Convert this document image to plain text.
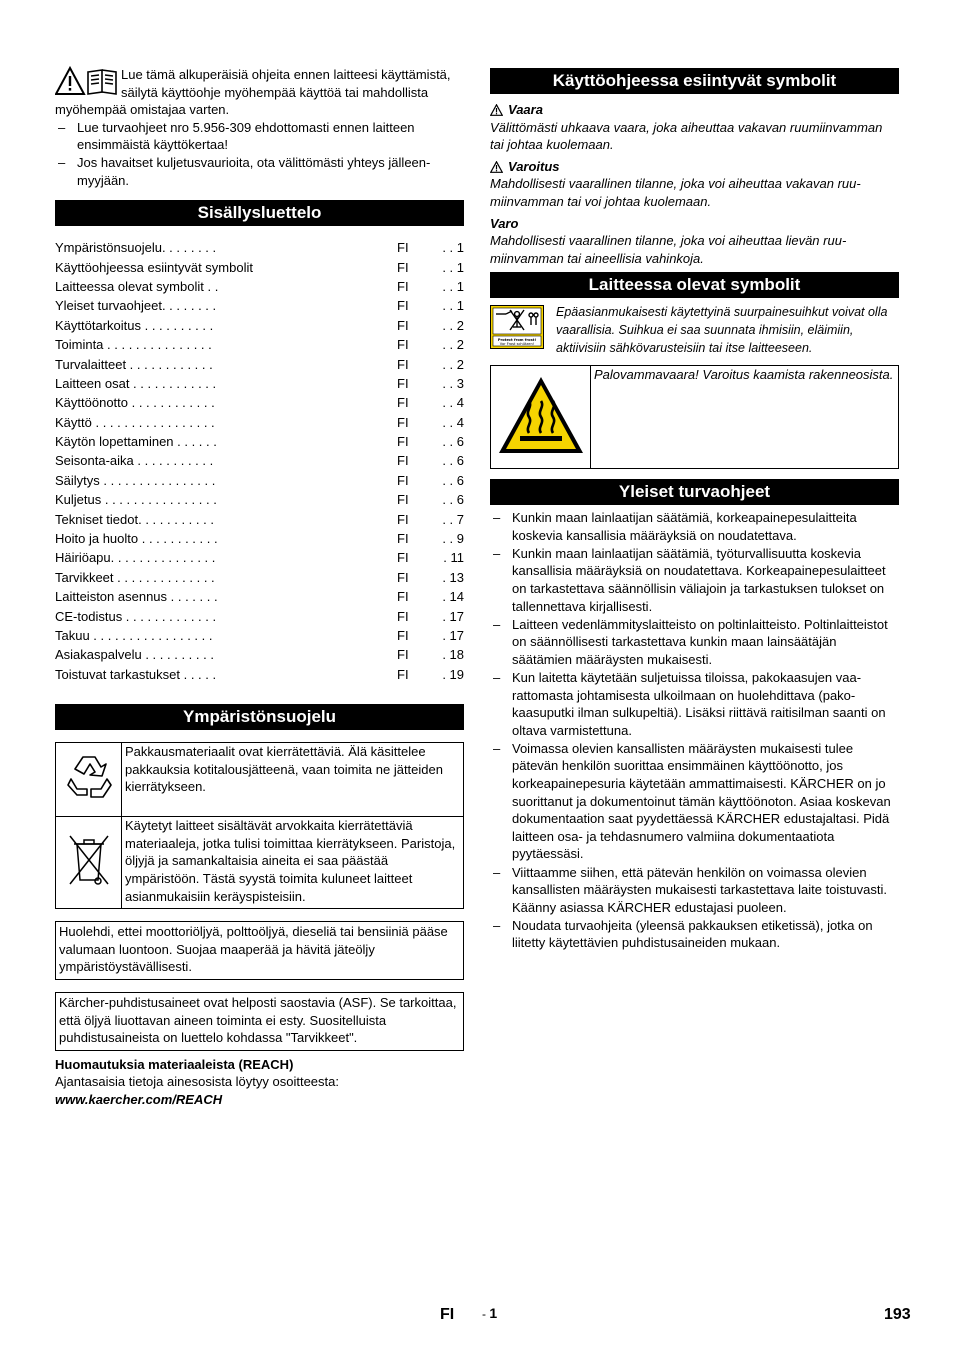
Lue tämä alkuperäisiä ohjeita ennen laitteesi käyttämistä, säilytä käyttöohje myöhempää käyttöä tai mahdollista myöhempää omistajaa varten.

– Lue turvaohjeet nro 5.956-309 ehdottomasti ennen laitteen ensimmäistä käyttökertaa!

– Jos havaitset kuljetusvaurioita, ota välittömästi yhteys jälleenmyyjään.

Sisällysluettelo
Ympäristönsuojelu. . . . . . . .	FI	. . 1
Käyttöohjeessa esiintyvät symbolit	FI	. . 1
Laitteessa olevat symbolit . .	FI	. . 1
Yleiset turvaohjeet. . . . . . . .	FI	. . 1
Käyttötarkoitus . . . . . . . . . .	FI	. . 2
Toiminta . . . . . . . . . . . . . . .	FI	. . 2
Turvalaitteet . . . . . . . . . . . .	FI	. . 2
Laitteen osat . . . . . . . . . . . .	FI	. . 3
Käyttöönotto . . . . . . . . . . . .	FI	. . 4
Käyttö . . . . . . . . . . . . . . . . .	FI	. . 4
Käytön lopettaminen . . . . . .	FI	. . 6
Seisonta-aika . . . . . . . . . . .	FI	. . 6
Säilytys . . . . . . . . . . . . . . . .	FI	. . 6
Kuljetus . . . . . . . . . . . . . . . .	FI	. . 6
Tekniset tiedot. . . . . . . . . . .	FI	. . 7
Hoito ja huolto . . . . . . . . . . .	FI	. . 9
Häiriöapu. . . . . . . . . . . . . . .	FI	. 11
Tarvikkeet . . . . . . . . . . . . . .	FI	. 13
Laitteiston asennus . . . . . . .	FI	. 14
CE-todistus . . . . . . . . . . . . .	FI	. 17
Takuu . . . . . . . . . . . . . . . . .	FI	. 17
Asiakaspalvelu . . . . . . . . . .	FI	. 18
Toistuvat tarkastukset . . . . .	FI	. 19
Ympäristönsuojelu
	Pakkausmateriaalit ovat kierrätettäviä. Älä käsittelee pakkauksia kotitalousjätteenä, vaan toimita ne jätteiden kierrätykseen.
	Käytetyt laitteet sisältävät arvokkaita kierrätettäviä materiaaleja, jotka tulisi toimittaa kierrätykseen. Paristoja, öljyjä ja samankaltaisia aineita ei saa päästää ympäristöön. Tästä syystä toimita kuluneet laitteet asianmukaisiin keräyspisteisiin.
Huolehdi, ettei moottoriöljyä, polttoöljyä, dieseliä tai bensiiniä pääse valumaan luontoon. Suojaa maaperää ja hävitä jäteöljy ympäristöystävällisesti.
Kärcher-puhdistusaineet ovat helposti saostavia (ASF). Se tarkoittaa, että öljyä liuottavan aineen toiminta ei esty. Suositelluista puhdistusaineista on luettelo kohdassa "Tarvikkeet".

Huomautuksia materiaaleista (REACH)

Ajantasaisia tietoja ainesosista löytyy osoitteesta:

www.kaercher.com/REACH

Käyttöohjeessa esiintyvät symbolit

Vaara

Välittömästi uhkaava vaara, joka aiheuttaa vakavan ruumiinvamman tai johtaa kuolemaan.

Varoitus

Mahdollisesti vaarallinen tilanne, joka voi aiheuttaa vakavan ruumiinvamman tai voi johtaa kuolemaan.

Varo

Mahdollisesti vaarallinen tilanne, joka voi aiheuttaa lievän ruumiinvamman tai aineellisia vahinkoja.

Laitteessa olevat symbolit
Protect from frost!
Vor Frost schützen!

Epäasianmukaisesti käytettyinä suurpainesuihkut voivat olla vaarallisia. Suihkua ei saa suunnata ihmisiin, eläimiin, aktiivisiin sähkövarusteisiin tai itse laitteeseen.

	Palovammavaara! Varoitus kaamista rakenneosista.
Yleiset turvaohjeet

– Kunkin maan lainlaatijan säätämiä, korkeapainepesulaitteita koskevia kansallisia määräyksiä on noudatettava.

– Kunkin maan lainlaatijan säätämiä, työturvallisuutta koskevia kansallisia määräyksiä on noudatettava. Korkeapainepesulaitteet on tarkastettava säännöllisin väliajoin ja tarkastuksen tulokset on tallennettava kirjallisesti.

– Laitteen vedenlämmityslaitteisto on poltinlaitteisto. Poltinlaitteistot on säännöllisesti tarkastettava kunkin maan lainsäätäjän säätämien määräysten mukaisesti.

– Kun laitetta käytetään suljetuissa tiloissa, pakokaasujen vaarattomasta johtamisesta ulkoilmaan on huolehdittava (pakokaasuputki ilman sulkupeltiä). Lisäksi riittävä raitisilman saanti on oltava varmistettuna.

– Voimassa olevien kansallisten määräysten mukaisesti tulee pätevän henkilön suorittaa ensimmäinen käyttöönotto, jos korkeapainepesuria käytetään ammattimaisesti. KÄRCHER on jo suorittanut ja dokumentoinut tämän käyttöönoton. Asiaa koskevan dokumentaation saat pyydettäessä KÄRCHER edustajaltasi. Pidä laitteen osa- ja tehdasnumero valmiina dokumentaatiota pyytäessäsi.

– Viittaamme siihen, että pätevän henkilön on voimassa olevien kansallisten määräysten mukaisesti tarkastettava laite toistuvasti. Käänny asiassa KÄRCHER edustajasi puoleen.

– Noudata turvaohjeita (yleensä pakkauksen etiketissä), jotka on liitetty käytettävien puhdistusaineiden mukaan.

FI - 1	193
